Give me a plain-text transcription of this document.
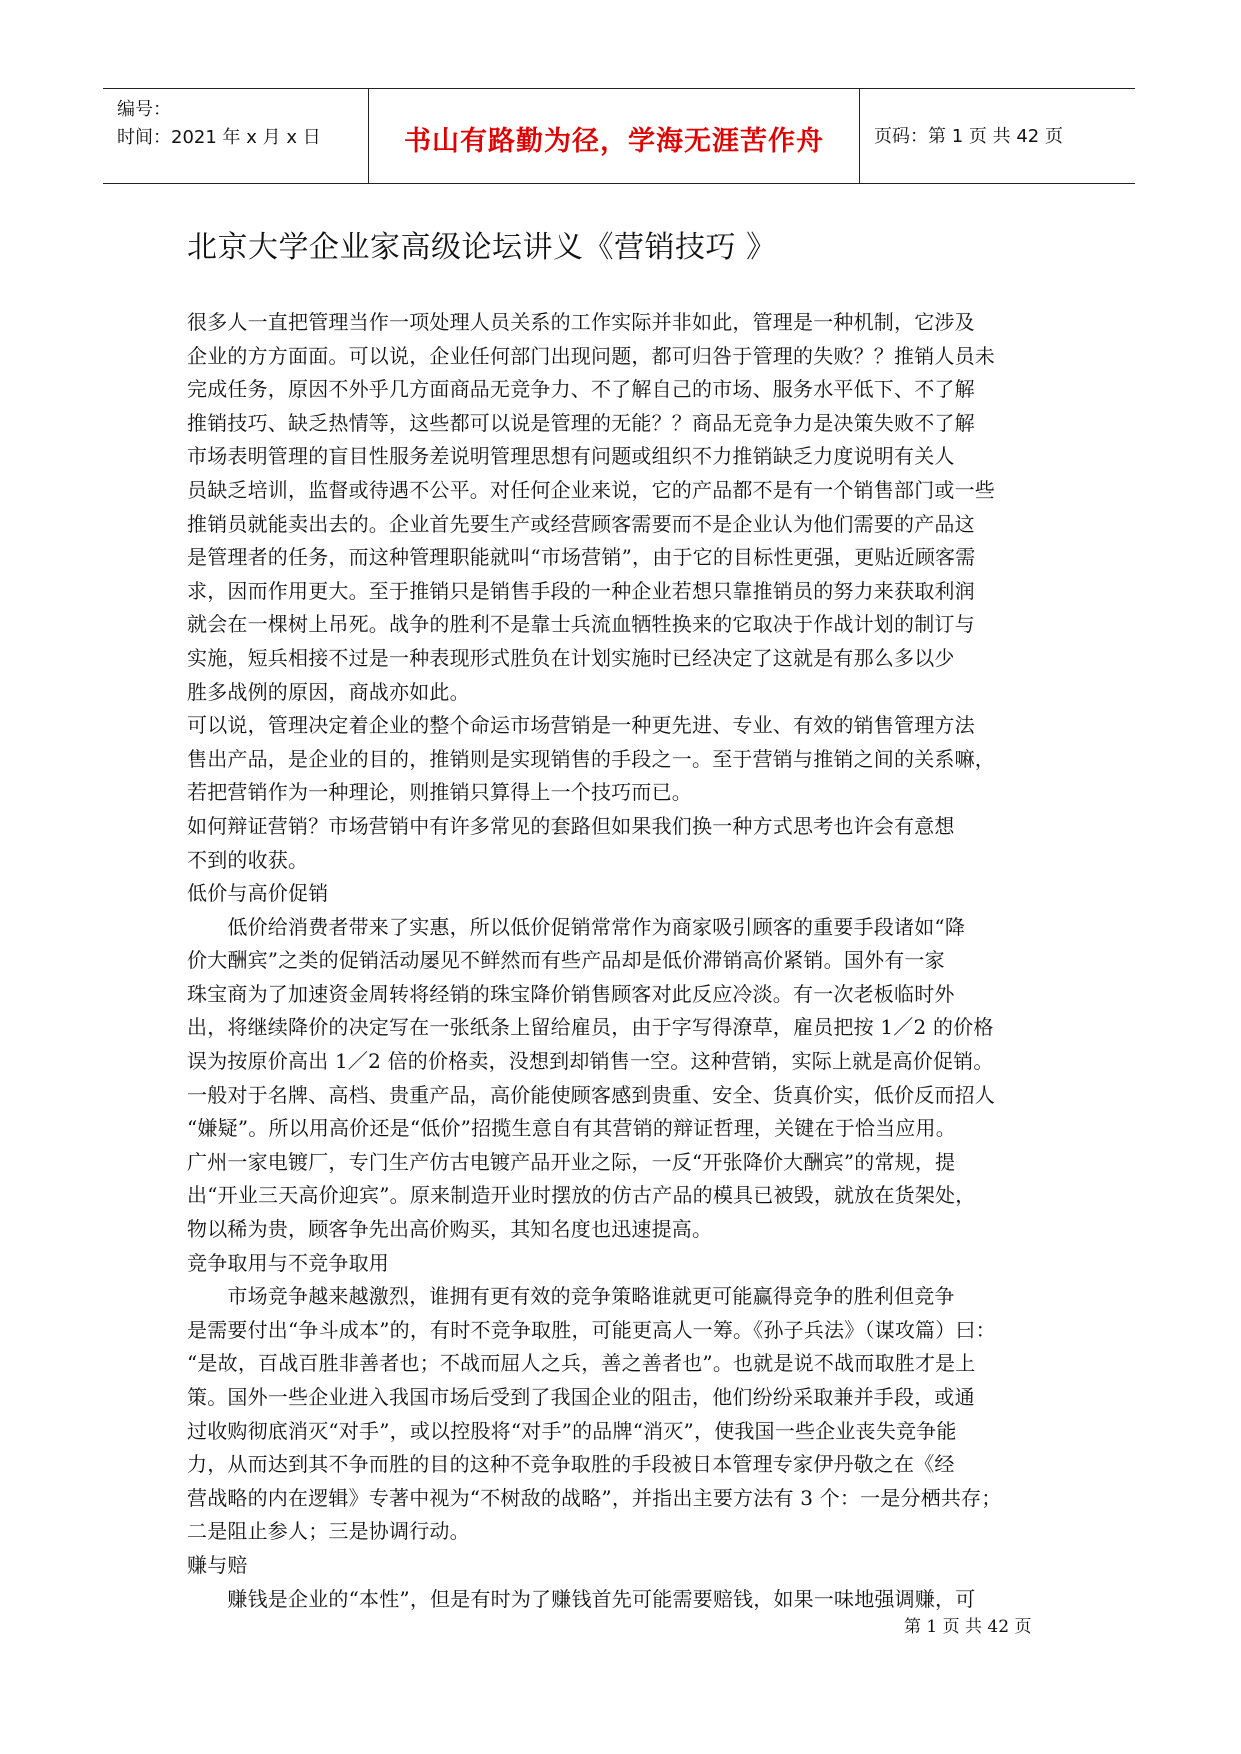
编号：
时间：2021 年 x 月 x 日	书山有路勤为径，学海无涯苦作舟	页码：第 1 页 共 42 页
北京大学企业家高级论坛讲义《营销技巧 》
很多人一直把管理当作一项处理人员关系的工作实际并非如此，管理是一种机制，它涉及
企业的方方面面。可以说，企业任何部门出现问题，都可归咎于管理的失败？？推销人员未
完成任务，原因不外乎几方面商品无竞争力、不了解自己的市场、服务水平低下、不了解
推销技巧、缺乏热情等，这些都可以说是管理的无能？？商品无竞争力是决策失败不了解
市场表明管理的盲目性服务差说明管理思想有问题或组织不力推销缺乏力度说明有关人
员缺乏培训，监督或待遇不公平。对任何企业来说，它的产品都不是有一个销售部门或一些
推销员就能卖出去的。企业首先要生产或经营顾客需要而不是企业认为他们需要的产品这
是管理者的任务，而这种管理职能就叫“市场营销”，由于它的目标性更强，更贴近顾客需
求，因而作用更大。至于推销只是销售手段的一种企业若想只靠推销员的努力来获取利润
就会在一棵树上吊死。战争的胜利不是靠士兵流血牺牲换来的它取决于作战计划的制订与
实施，短兵相接不过是一种表现形式胜负在计划实施时已经决定了这就是有那么多以少
胜多战例的原因，商战亦如此。
可以说，管理决定着企业的整个命运市场营销是一种更先进、专业、有效的销售管理方法
售出产品，是企业的目的，推销则是实现销售的手段之一。至于营销与推销之间的关系嘛，
若把营销作为一种理论，则推销只算得上一个技巧而已。
如何辩证营销？市场营销中有许多常见的套路但如果我们换一种方式思考也许会有意想
不到的收获。
低价与高价促销
　　低价给消费者带来了实惠，所以低价促销常常作为商家吸引顾客的重要手段诸如“降
价大酬宾”之类的促销活动屡见不鲜然而有些产品却是低价滞销高价紧销。国外有一家
珠宝商为了加速资金周转将经销的珠宝降价销售顾客对此反应冷淡。有一次老板临时外
出，将继续降价的决定写在一张纸条上留给雇员，由于字写得潦草，雇员把按 1／2 的价格
误为按原价高出 1／2 倍的价格卖，没想到却销售一空。这种营销，实际上就是高价促销。
一般对于名牌、高档、贵重产品，高价能使顾客感到贵重、安全、货真价实，低价反而招人
“嫌疑”。所以用高价还是“低价”招揽生意自有其营销的辩证哲理，关键在于恰当应用。
广州一家电镀厂，专门生产仿古电镀产品开业之际，一反“开张降价大酬宾”的常规，提
出“开业三天高价迎宾”。原来制造开业时摆放的仿古产品的模具已被毁，就放在货架处，
物以稀为贵，顾客争先出高价购买，其知名度也迅速提高。
竞争取用与不竞争取用
　　市场竞争越来越激烈，谁拥有更有效的竞争策略谁就更可能赢得竞争的胜利但竞争
是需要付出“争斗成本”的，有时不竞争取胜，可能更高人一筹。《孙子兵法》（谋攻篇）曰：
“是故，百战百胜非善者也；不战而屈人之兵，善之善者也”。也就是说不战而取胜才是上
策。国外一些企业进入我国市场后受到了我国企业的阻击，他们纷纷采取兼并手段，或通
过收购彻底消灭“对手”，或以控股将“对手”的品牌“消灭”，使我国一些企业丧失竞争能
力，从而达到其不争而胜的目的这种不竞争取胜的手段被日本管理专家伊丹敬之在《经
营战略的内在逻辑》专著中视为“不树敌的战略”，并指出主要方法有 3 个：一是分栖共存；
二是阻止参人；三是协调行动。
赚与赔
　　赚钱是企业的“本性”，但是有时为了赚钱首先可能需要赔钱，如果一味地强调赚，可
第 1 页 共 42 页
